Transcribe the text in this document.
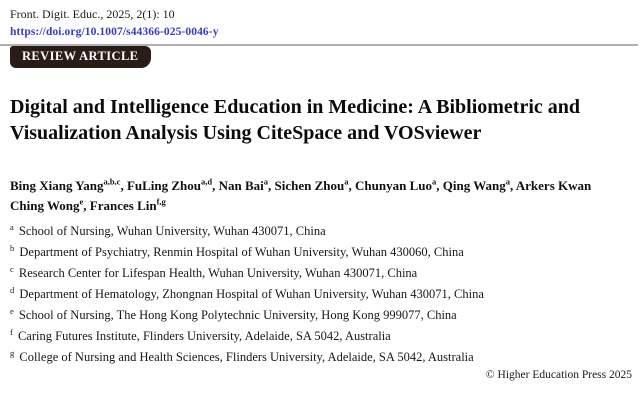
Front. Digit. Educ., 2025, 2(1): 10
https://doi.org/10.1007/s44366-025-0046-y
REVIEW ARTICLE
Digital and Intelligence Education in Medicine: A Bibliometric and Visualization Analysis Using CiteSpace and VOSviewer
Bing Xiang Yang$^{a,b,c}$, FuLing Zhou$^{a,d}$, Nan Bai$^a$, Sichen Zhou$^a$, Chunyan Luo$^a$, Qing Wang$^a$, Arkers Kwan Ching Wong$^e$, Frances Lin$^{f,g}$
$^a$ School of Nursing, Wuhan University, Wuhan 430071, China
$^b$ Department of Psychiatry, Renmin Hospital of Wuhan University, Wuhan 430060, China
$^c$ Research Center for Lifespan Health, Wuhan University, Wuhan 430071, China
$^d$ Department of Hematology, Zhongnan Hospital of Wuhan University, Wuhan 430071, China
$^e$ School of Nursing, The Hong Kong Polytechnic University, Hong Kong 999077, China
$^f$ Caring Futures Institute, Flinders University, Adelaide, SA 5042, Australia
$^g$ College of Nursing and Health Sciences, Flinders University, Adelaide, SA 5042, Australia
© Higher Education Press 2025
